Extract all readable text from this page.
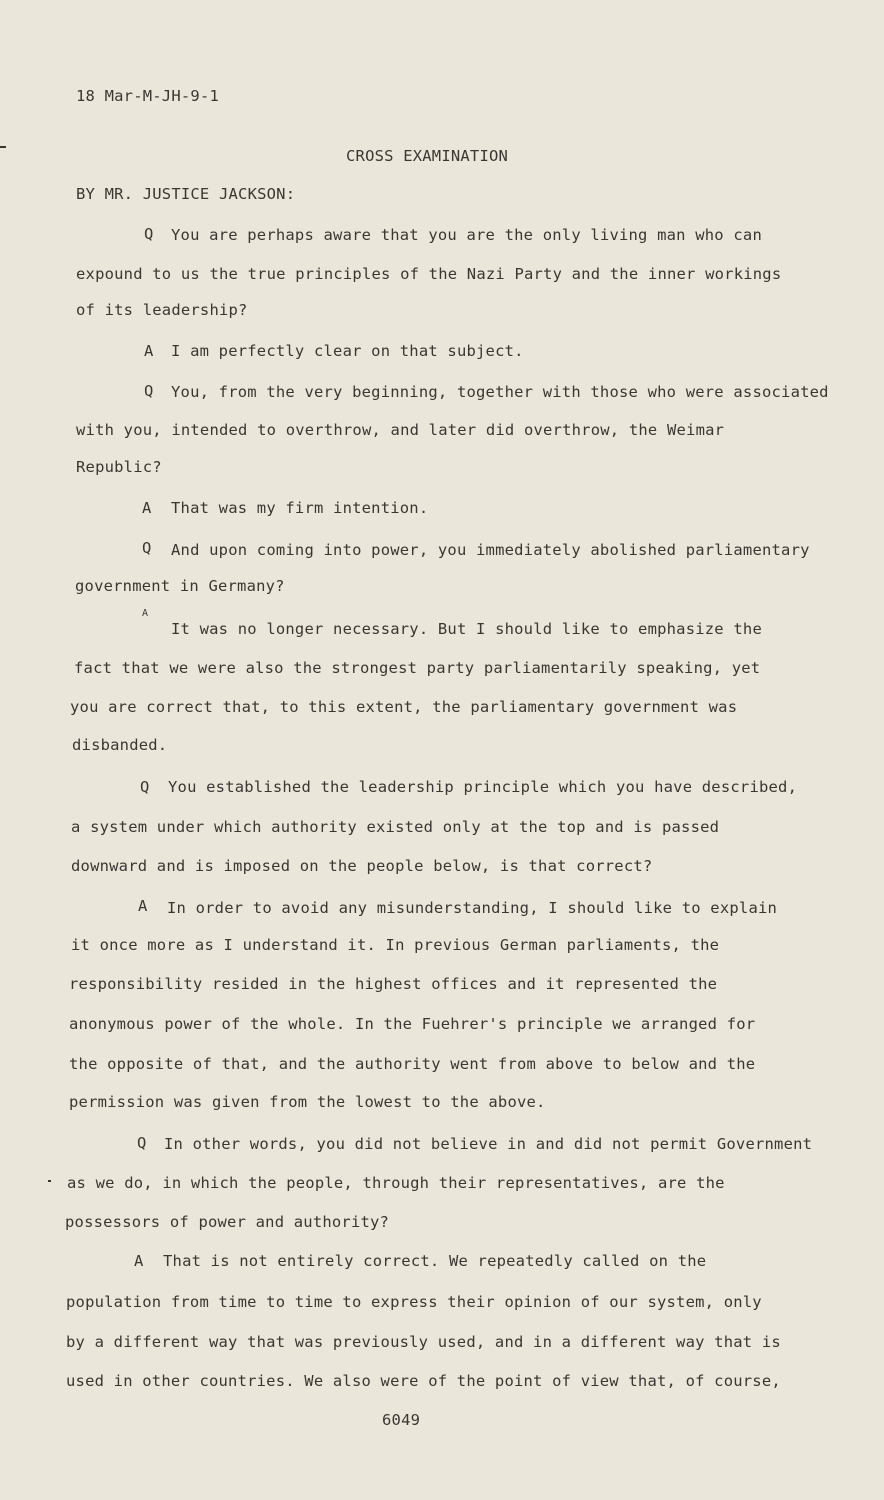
18 Mar-M-JH-9-1
CROSS EXAMINATION
BY MR. JUSTICE JACKSON:
Q You are perhaps aware that you are the only living man who can
expound to us the true principles of the Nazi Party and the inner workings
of its leadership?
A I am perfectly clear on that subject.
Q You, from the very beginning, together with those who were associated
with you, intended to overthrow, and later did overthrow, the Weimar
Republic?
A That was my firm intention.
Q And upon coming into power, you immediately abolished parliamentary
government in Germany?
A
It was no longer necessary. But I should like to emphasize the
fact that we were also the strongest party parliamentarily speaking, yet
you are correct that, to this extent, the parliamentary government was
disbanded.
Q You established the leadership principle which you have described,
a system under which authority existed only at the top and is passed
downward and is imposed on the people below, is that correct?
A In order to avoid any misunderstanding, I should like to explain
it once more as I understand it. In previous German parliaments, the
responsibility resided in the highest offices and it represented the
anonymous power of the whole. In the Fuehrer's principle we arranged for
the opposite of that, and the authority went from above to below and the
permission was given from the lowest to the above.
Q In other words, you did not believe in and did not permit Government
as we do, in which the people, through their representatives, are the
possessors of power and authority?
A That is not entirely correct. We repeatedly called on the
population from time to time to express their opinion of our system, only
by a different way that was previously used, and in a different way that is
used in other countries. We also were of the point of view that, of course,
6049
